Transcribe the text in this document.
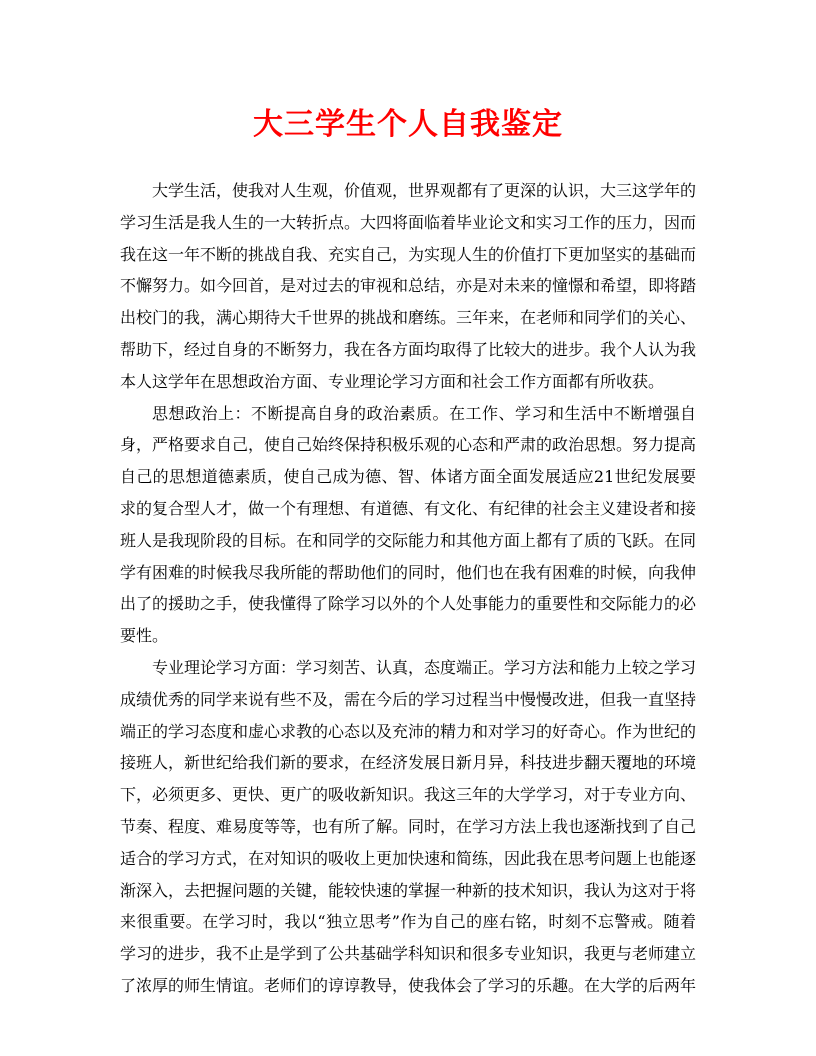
大三学生个人自我鉴定

大学生活，使我对人生观，价值观，世界观都有了更深的认识，大三这学年的学习生活是我人生的一大转折点。大四将面临着毕业论文和实习工作的压力，因而我在这一年不断的挑战自我、充实自己，为实现人生的价值打下更加坚实的基础而不懈努力。如今回首，是对过去的审视和总结，亦是对未来的憧憬和希望，即将踏出校门的我，满心期待大千世界的挑战和磨练。三年来，在老师和同学们的关心、帮助下，经过自身的不断努力，我在各方面均取得了比较大的进步。我个人认为我本人这学年在思想政治方面、专业理论学习方面和社会工作方面都有所收获。

思想政治上：不断提高自身的政治素质。在工作、学习和生活中不断增强自身，严格要求自己，使自己始终保持积极乐观的心态和严肃的政治思想。努力提高自己的思想道德素质，使自己成为德、智、体诸方面全面发展适应21世纪发展要求的复合型人才，做一个有理想、有道德、有文化、有纪律的社会主义建设者和接班人是我现阶段的目标。在和同学的交际能力和其他方面上都有了质的飞跃。在同学有困难的时候我尽我所能的帮助他们的同时，他们也在我有困难的时候，向我伸出了的援助之手，使我懂得了除学习以外的个人处事能力的重要性和交际能力的必要性。

专业理论学习方面：学习刻苦、认真，态度端正。学习方法和能力上较之学习成绩优秀的同学来说有些不及，需在今后的学习过程当中慢慢改进，但我一直坚持端正的学习态度和虚心求教的心态以及充沛的精力和对学习的好奇心。作为世纪的接班人，新世纪给我们新的要求，在经济发展日新月异，科技进步翻天覆地的环境下，必须更多、更快、更广的吸收新知识。我这三年的大学学习，对于专业方向、节奏、程度、难易度等等，也有所了解。同时，在学习方法上我也逐渐找到了自己适合的学习方式，在对知识的吸收上更加快速和简练，因此我在思考问题上也能逐渐深入，去把握问题的关键，能较快速的掌握一种新的技术知识，我认为这对于将来很重要。在学习时，我以“独立思考”作为自己的座右铭，时刻不忘警戒。随着学习的进步，我不止是学到了公共基础学科知识和很多专业知识，我更与老师建立了浓厚的师生情谊。老师们的谆谆教导，使我体会了学习的乐趣。在大学的后两年
